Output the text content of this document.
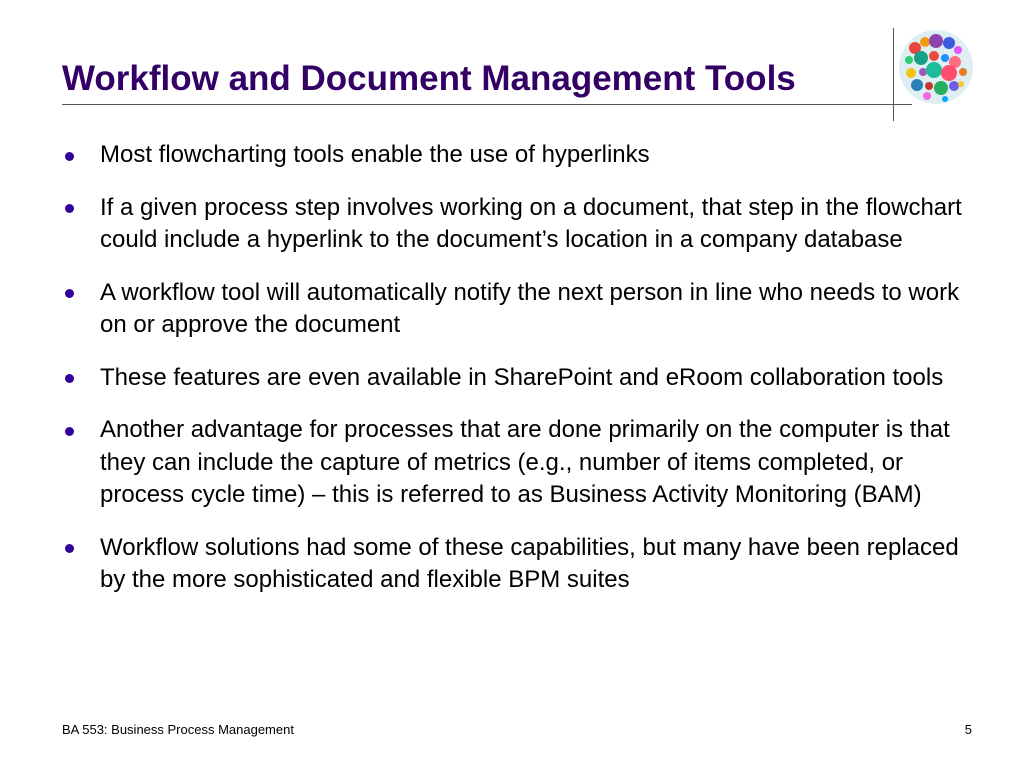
Workflow and Document Management Tools
Most flowcharting tools enable the use of hyperlinks
If a given process step involves working on a document, that step in the flowchart could include a hyperlink to the document’s location in a company database
A workflow tool will automatically notify the next person in line who needs to work on or approve the document
These features are even available in SharePoint and eRoom collaboration tools
Another advantage for processes that are done primarily on the computer is that they can include the capture of metrics (e.g., number of items completed, or process cycle time) – this is referred to as Business Activity Monitoring (BAM)
Workflow solutions had some of these capabilities, but many have been replaced by the more sophisticated and flexible BPM suites
BA 553: Business Process Management	5
